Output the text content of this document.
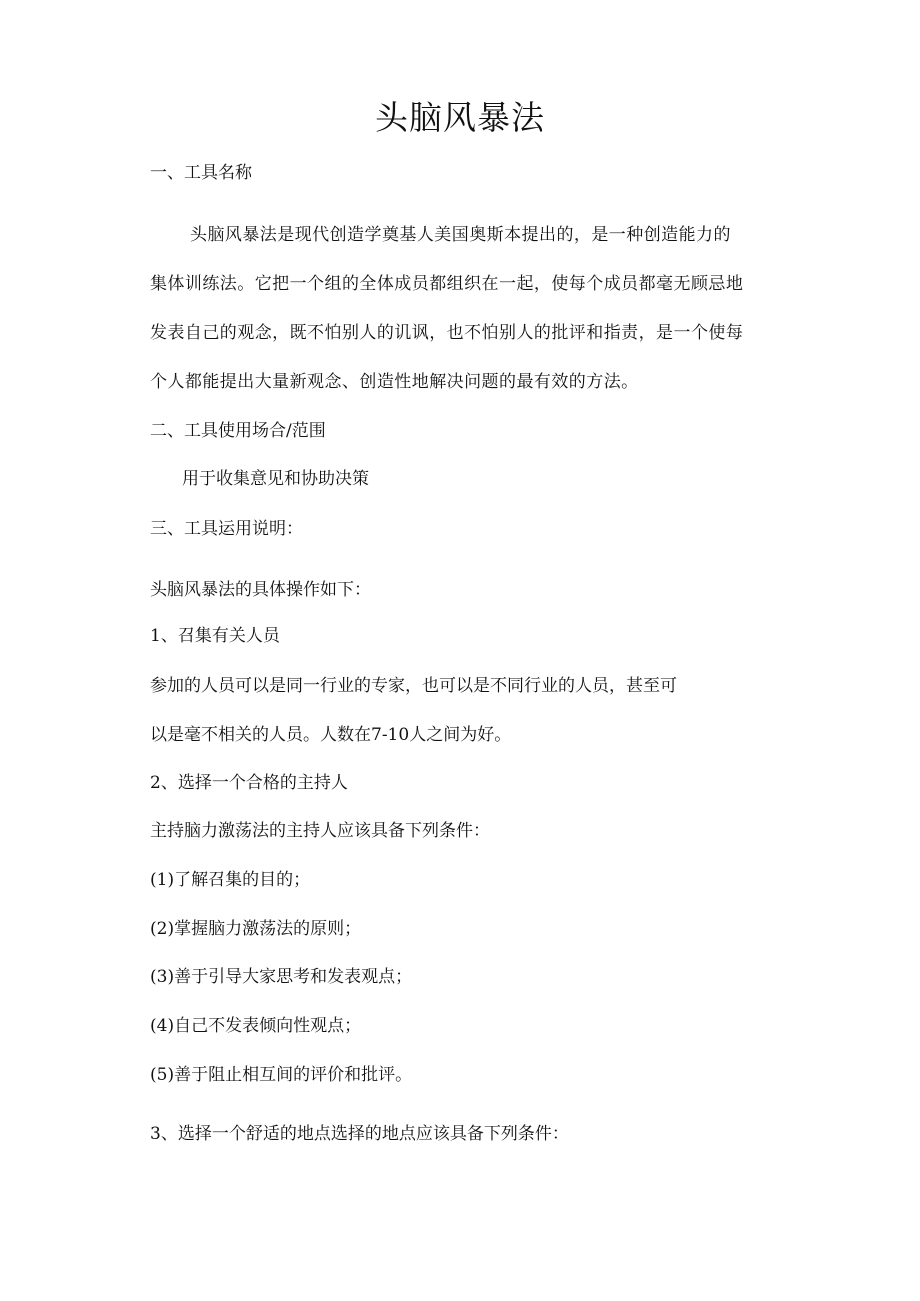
头脑风暴法

一、工具名称

头脑风暴法是现代创造学奠基人美国奥斯本提出的，是一种创造能力的

集体训练法。它把一个组的全体成员都组织在一起，使每个成员都毫无顾忌地

发表自己的观念，既不怕别人的讥讽，也不怕别人的批评和指责，是一个使每

个人都能提出大量新观念、创造性地解决问题的最有效的方法。

二、工具使用场合/范围

用于收集意见和协助决策

三、工具运用说明：

头脑风暴法的具体操作如下：

1、召集有关人员

参加的人员可以是同一行业的专家，也可以是不同行业的人员，甚至可

以是毫不相关的人员。人数在7-10人之间为好。

2、选择一个合格的主持人

主持脑力激荡法的主持人应该具备下列条件：

(1)了解召集的目的；

(2)掌握脑力激荡法的原则；

(3)善于引导大家思考和发表观点；

(4)自己不发表倾向性观点；

(5)善于阻止相互间的评价和批评。

3、选择一个舒适的地点选择的地点应该具备下列条件：
